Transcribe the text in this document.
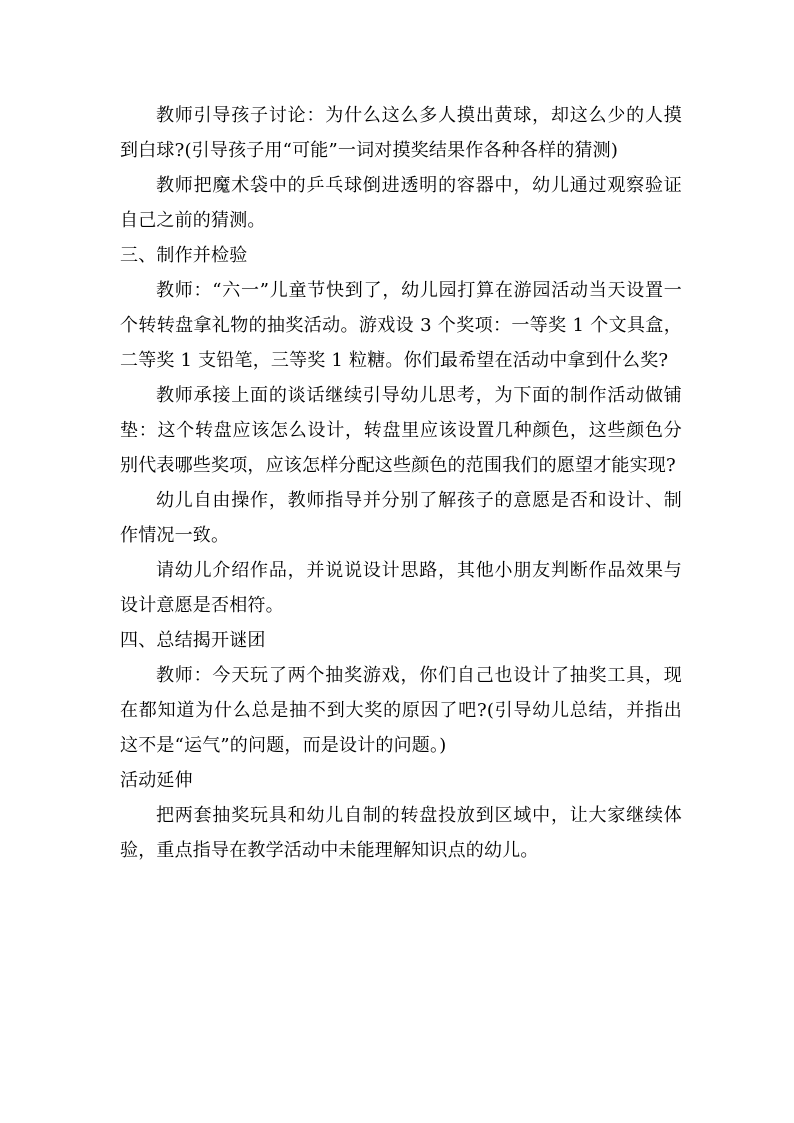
教师引导孩子讨论：为什么这么多人摸出黄球，却这么少的人摸到白球?(引导孩子用“可能”一词对摸奖结果作各种各样的猜测)

教师把魔术袋中的乒乓球倒进透明的容器中，幼儿通过观察验证自己之前的猜测。

三、制作并检验

教师：“六一”儿童节快到了，幼儿园打算在游园活动当天设置一个转转盘拿礼物的抽奖活动。游戏设 3 个奖项：一等奖 1 个文具盒，二等奖 1 支铅笔，三等奖 1 粒糖。你们最希望在活动中拿到什么奖?

教师承接上面的谈话继续引导幼儿思考，为下面的制作活动做铺垫：这个转盘应该怎么设计，转盘里应该设置几种颜色，这些颜色分别代表哪些奖项，应该怎样分配这些颜色的范围我们的愿望才能实现?

幼儿自由操作，教师指导并分别了解孩子的意愿是否和设计、制作情况一致。

请幼儿介绍作品，并说说设计思路，其他小朋友判断作品效果与设计意愿是否相符。

四、总结揭开谜团

教师：今天玩了两个抽奖游戏，你们自己也设计了抽奖工具，现在都知道为什么总是抽不到大奖的原因了吧?(引导幼儿总结，并指出这不是“运气”的问题，而是设计的问题。)

活动延伸

把两套抽奖玩具和幼儿自制的转盘投放到区域中，让大家继续体验，重点指导在教学活动中未能理解知识点的幼儿。
